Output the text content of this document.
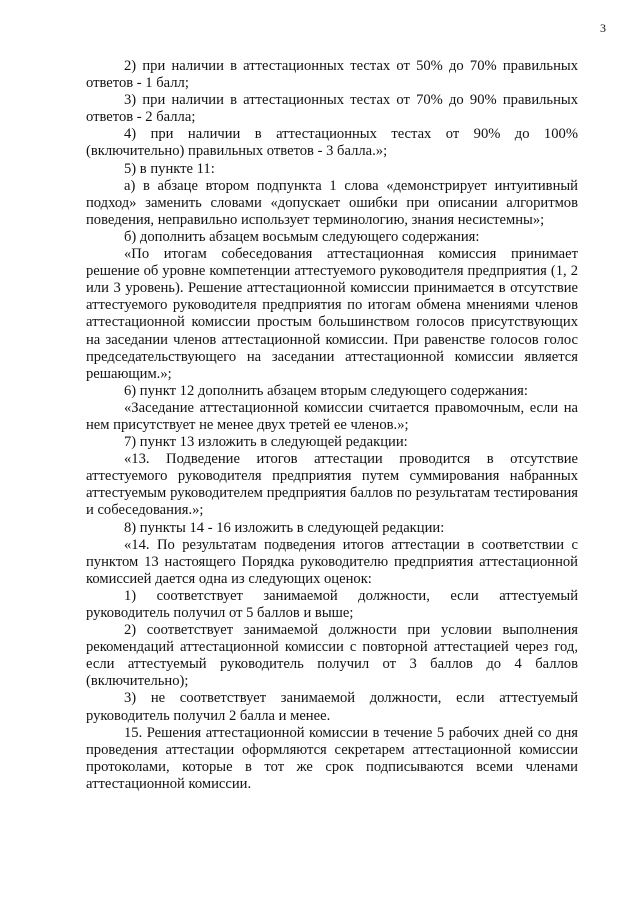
3

2) при наличии в аттестационных тестах от 50% до 70% правильных ответов - 1 балл;

3) при наличии в аттестационных тестах от 70% до 90% правильных ответов - 2 балла;

4) при наличии в аттестационных тестах от 90% до 100% (включительно) правильных ответов - 3 балла.»;

5) в пункте 11:

а) в абзаце втором подпункта 1 слова «демонстрирует интуитивный подход» заменить словами «допускает ошибки при описании алгоритмов поведения, неправильно использует терминологию, знания несистемны»;

б) дополнить абзацем восьмым следующего содержания:

«По итогам собеседования аттестационная комиссия принимает решение об уровне компетенции аттестуемого руководителя предприятия (1, 2 или 3 уровень). Решение аттестационной комиссии принимается в отсутствие аттестуемого руководителя предприятия по итогам обмена мнениями членов аттестационной комиссии простым большинством голосов присутствующих на заседании членов аттестационной комиссии. При равенстве голосов голос председательствующего на заседании аттестационной комиссии является решающим.»;

6) пункт 12 дополнить абзацем вторым следующего содержания:

«Заседание аттестационной комиссии считается правомочным, если на нем присутствует не менее двух третей ее членов.»;

7) пункт 13 изложить в следующей редакции:

«13. Подведение итогов аттестации проводится в отсутствие аттестуемого руководителя предприятия путем суммирования набранных аттестуемым руководителем предприятия баллов по результатам тестирования и собеседования.»;

8) пункты 14 - 16 изложить в следующей редакции:

«14. По результатам подведения итогов аттестации в соответствии с пунктом 13 настоящего Порядка руководителю предприятия аттестационной комиссией дается одна из следующих оценок:

1) соответствует занимаемой должности, если аттестуемый руководитель получил от 5 баллов и выше;

2) соответствует занимаемой должности при условии выполнения рекомендаций аттестационной комиссии с повторной аттестацией через год, если аттестуемый руководитель получил от 3 баллов до 4 баллов (включительно);

3) не соответствует занимаемой должности, если аттестуемый руководитель получил 2 балла и менее.

15. Решения аттестационной комиссии в течение 5 рабочих дней со дня проведения аттестации оформляются секретарем аттестационной комиссии протоколами, которые в тот же срок подписываются всеми членами аттестационной комиссии.
